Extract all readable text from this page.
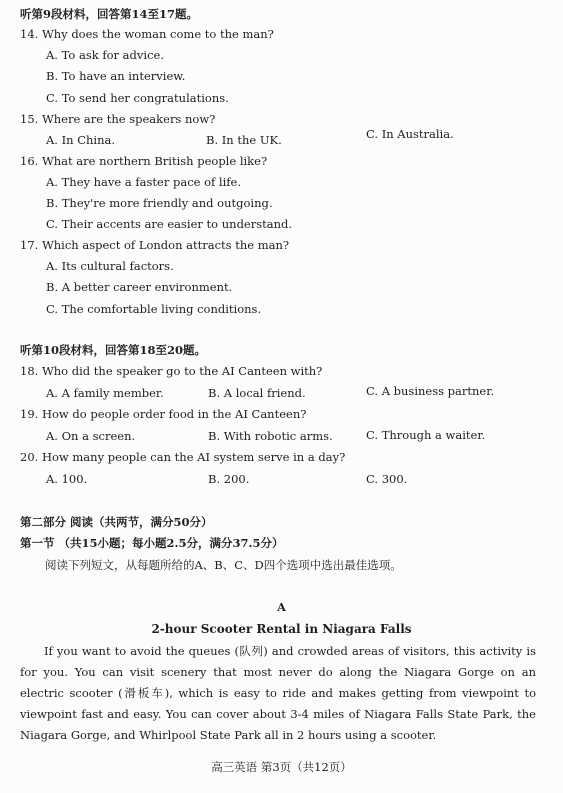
听第9段材料，回答第14至17题。
14. Why does the woman come to the man?
A. To ask for advice.
B. To have an interview.
C. To send her congratulations.
15. Where are the speakers now?
A. In China.	B. In the UK.	C. In Australia.
16. What are northern British people like?
A. They have a faster pace of life.
B. They're more friendly and outgoing.
C. Their accents are easier to understand.
17. Which aspect of London attracts the man?
A. Its cultural factors.
B. A better career environment.
C. The comfortable living conditions.
听第10段材料，回答第18至20题。
18. Who did the speaker go to the AI Canteen with?
A. A family member.	B. A local friend.	C. A business partner.
19. How do people order food in the AI Canteen?
A. On a screen.	B. With robotic arms.	C. Through a waiter.
20. How many people can the AI system serve in a day?
A. 100.	B. 200.	C. 300.
第二部分 阅读（共两节，满分50分）
第一节 （共15小题；每小题2.5分，满分37.5分）
阅读下列短文，从每题所给的A、B、C、D四个选项中选出最佳选项。
A
2-hour Scooter Rental in Niagara Falls
If you want to avoid the queues (队列) and crowded areas of visitors, this activity is for you. You can visit scenery that most never do along the Niagara Gorge on an electric scooter (滑板车), which is easy to ride and makes getting from viewpoint to viewpoint fast and easy. You can cover about 3-4 miles of Niagara Falls State Park, the Niagara Gorge, and Whirlpool State Park all in 2 hours using a scooter.
高三英语 第3页（共12页）
